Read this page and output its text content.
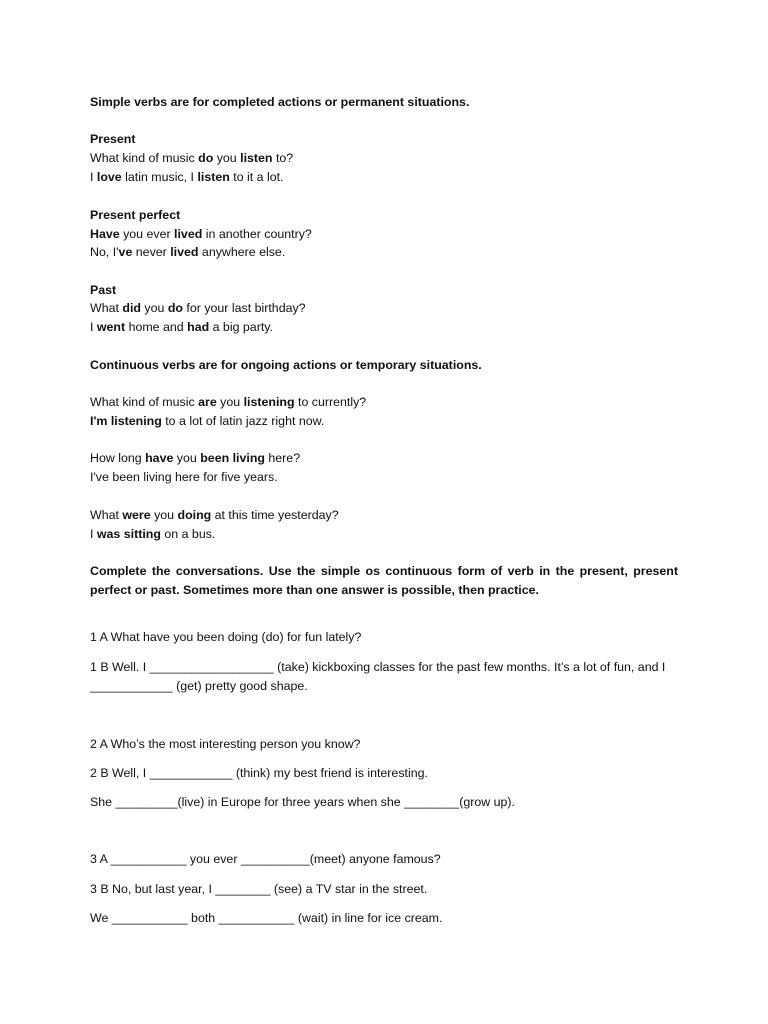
Simple verbs are for completed actions or permanent situations.
Present
What kind of music do you listen to?
I love latin music, I listen to it a lot.
Present perfect
Have you ever lived in another country?
No, I've never lived anywhere else.
Past
What did you do for your last birthday?
I went home and had a big party.
Continuous verbs are for ongoing actions or temporary situations.
What kind of music are you listening to currently?
I'm listening to a lot of latin jazz right now.
How long have you been living here?
I've been living here for five years.
What were you doing at this time yesterday?
I was sitting on a bus.
Complete the conversations. Use the simple os continuous form of verb in the present, present
perfect or past. Sometimes more than one answer is possible, then practice.
1 A What have you been doing (do) for fun lately?
1 B Well. I __________________ (take) kickboxing classes for the past few months. It’s a lot of fun, and I
____________ (get) pretty good shape.
2 A Who’s the most interesting person you know?
2 B Well, I ____________ (think) my best friend is interesting.
She _________(live) in Europe for three years when she ________(grow up).
3 A ___________ you ever __________(meet) anyone famous?
3 B No, but last year, I ________ (see) a TV star in the street.
We ___________ both ___________ (wait) in line for ice cream.
